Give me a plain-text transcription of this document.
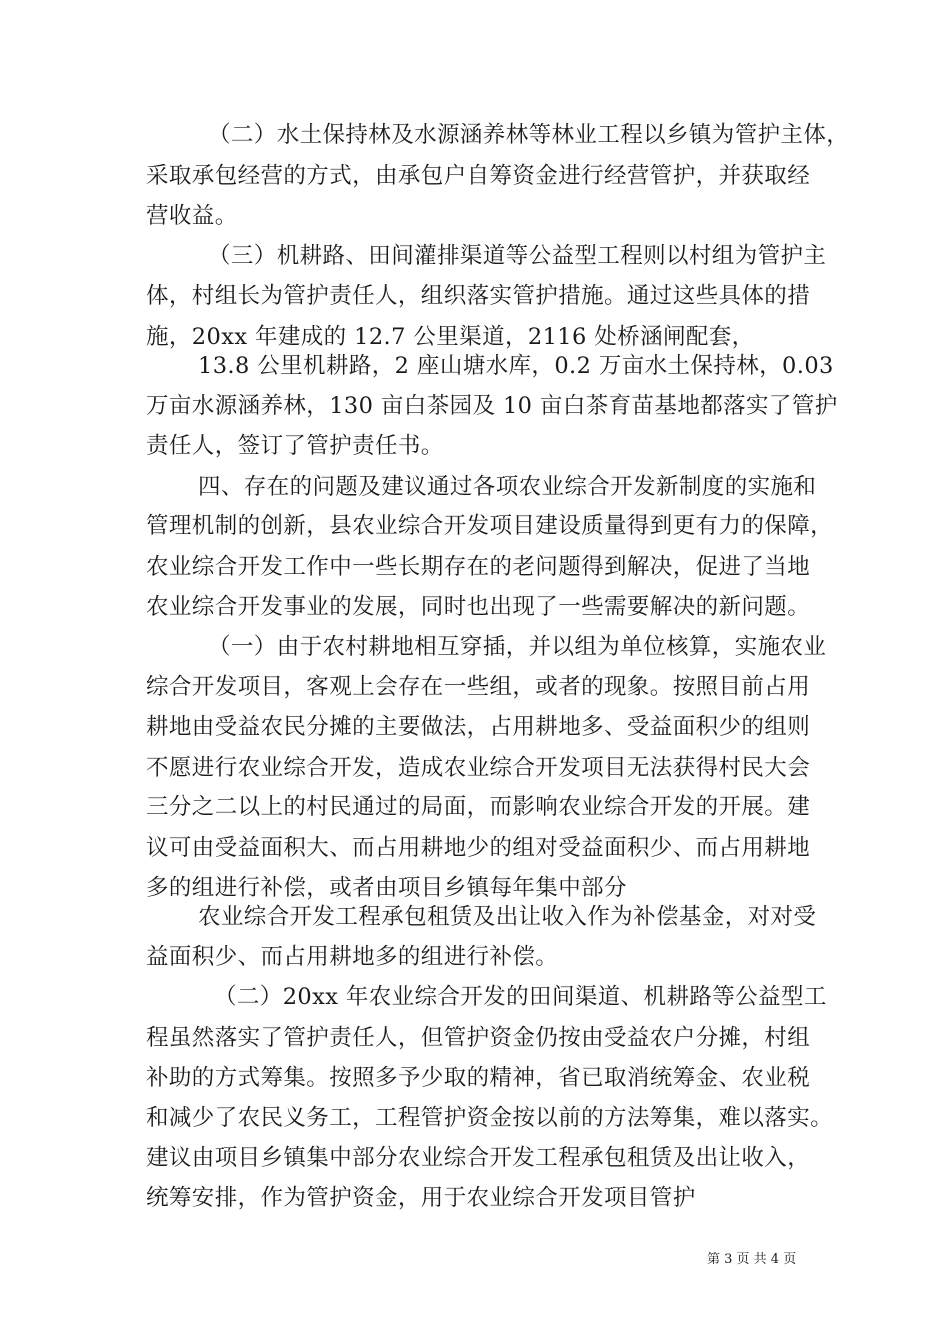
（二）水土保持林及水源涵养林等林业工程以乡镇为管护主体，
采取承包经营的方式，由承包户自筹资金进行经营管护，并获取经
营收益。
（三）机耕路、田间灌排渠道等公益型工程则以村组为管护主
体，村组长为管护责任人，组织落实管护措施。通过这些具体的措
施，20xx 年建成的 12.7 公里渠道，2116 处桥涵闸配套，
13.8 公里机耕路，2 座山塘水库，0.2 万亩水土保持林，0.03
万亩水源涵养林，130 亩白茶园及 10 亩白茶育苗基地都落实了管护
责任人，签订了管护责任书。
四、存在的问题及建议通过各项农业综合开发新制度的实施和
管理机制的创新，县农业综合开发项目建设质量得到更有力的保障，
农业综合开发工作中一些长期存在的老问题得到解决，促进了当地
农业综合开发事业的发展，同时也出现了一些需要解决的新问题。
（一）由于农村耕地相互穿插，并以组为单位核算，实施农业
综合开发项目，客观上会存在一些组，或者的现象。按照目前占用
耕地由受益农民分摊的主要做法，占用耕地多、受益面积少的组则
不愿进行农业综合开发，造成农业综合开发项目无法获得村民大会
三分之二以上的村民通过的局面，而影响农业综合开发的开展。建
议可由受益面积大、而占用耕地少的组对受益面积少、而占用耕地
多的组进行补偿，或者由项目乡镇每年集中部分
农业综合开发工程承包租赁及出让收入作为补偿基金，对对受
益面积少、而占用耕地多的组进行补偿。
（二）20xx 年农业综合开发的田间渠道、机耕路等公益型工
程虽然落实了管护责任人，但管护资金仍按由受益农户分摊，村组
补助的方式筹集。按照多予少取的精神，省已取消统筹金、农业税
和减少了农民义务工，工程管护资金按以前的方法筹集，难以落实。
建议由项目乡镇集中部分农业综合开发工程承包租赁及出让收入，
统筹安排，作为管护资金，用于农业综合开发项目管护
第 3 页 共 4 页
